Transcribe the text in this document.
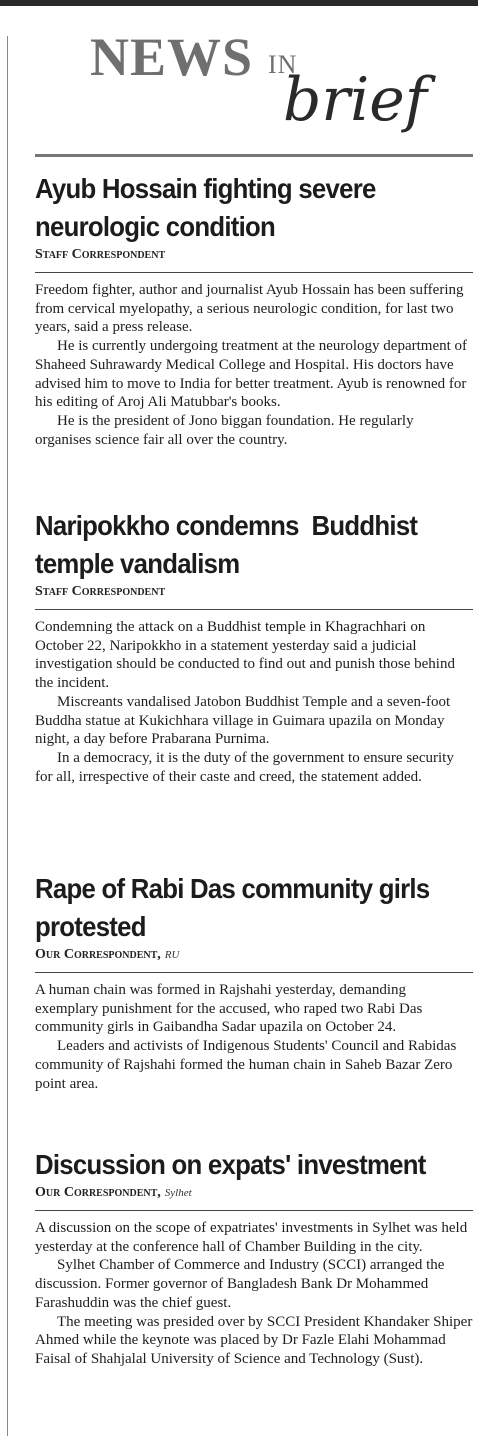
NEWS IN
brief
Ayub Hossain fighting severe neurologic condition
Staff Correspondent

Freedom fighter, author and journalist Ayub Hossain has been suffering from cervical myelopathy, a serious neurologic condition, for last two years, said a press release.

He is currently undergoing treatment at the neurology department of Shaheed Suhrawardy Medical College and Hospital. His doctors have advised him to move to India for better treatment. Ayub is renowned for his editing of Aroj Ali Matubbar's books.

He is the president of Jono biggan foundation. He regularly organises science fair all over the country.

Naripokkho condemns  Buddhist temple vandalism
Staff Correspondent

Condemning the attack on a Buddhist temple in Khagrachhari on October 22, Naripokkho in a statement yesterday said a judicial investigation should be conducted to find out and punish those behind the incident.

Miscreants vandalised Jatobon Buddhist Temple and a seven-foot Buddha statue at Kukichhara village in Guimara upazila on Monday night, a day before Prabarana Purnima.

In a democracy, it is the duty of the government to ensure security for all, irrespective of their caste and creed, the statement added.

Rape of Rabi Das community girls protested
Our Correspondent, RU

A human chain was formed in Rajshahi yesterday, demanding exemplary punishment for the accused, who raped two Rabi Das community girls in Gaibandha Sadar upazila on October 24.

Leaders and activists of Indigenous Students' Council and Rabidas community of Rajshahi formed the human chain in Saheb Bazar Zero point area.

Discussion on expats' investment
Our Correspondent, Sylhet

A discussion on the scope of expatriates' investments in Sylhet was held yesterday at the conference hall of Chamber Building in the city.

Sylhet Chamber of Commerce and Industry (SCCI) arranged the discussion. Former governor of Bangladesh Bank Dr Mohammed Farashuddin was the chief guest.

The meeting was presided over by SCCI President Khandaker Shiper Ahmed while the keynote was placed by Dr Fazle Elahi Mohammad Faisal of Shahjalal University of Science and Technology (Sust).
